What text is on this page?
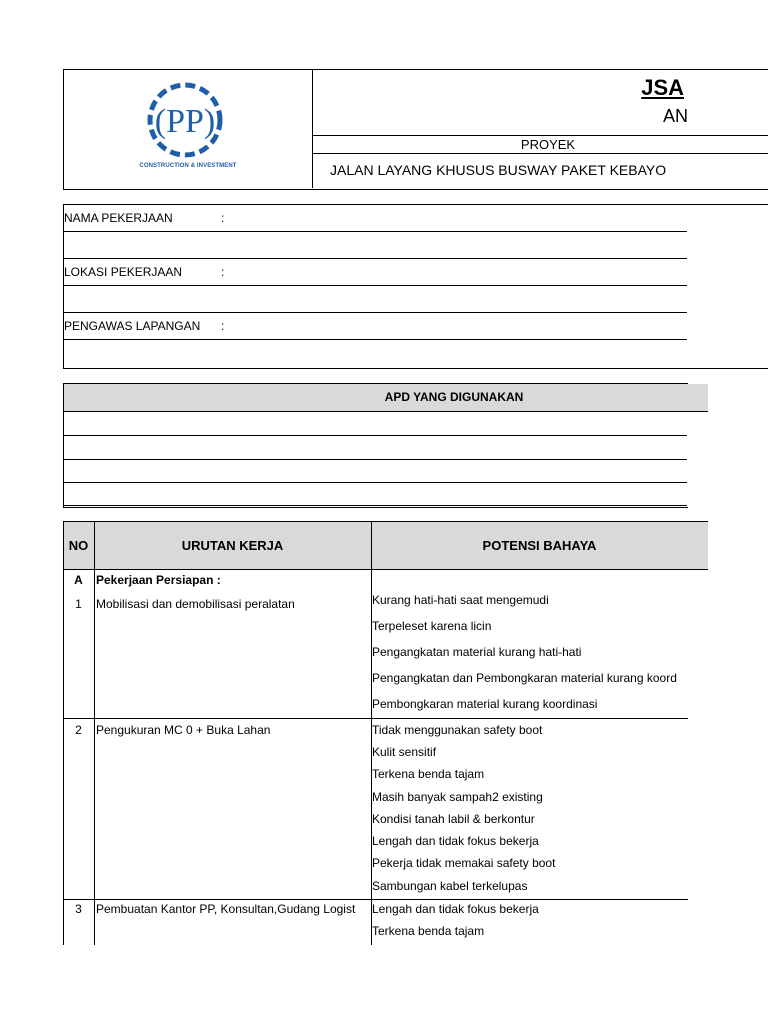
(PP)
CONSTRUCTION & INVESTMENT
JSA
AN
PROYEK
JALAN LAYANG KHUSUS BUSWAY PAKET KEBAYO
NAMA PEKERJAAN	:
LOKASI PEKERJAAN	:
PENGAWAS LAPANGAN :
APD YANG DIGUNAKAN
NO	URUTAN KERJA	POTENSI BAHAYA
A	Pekerjaan Persiapan :
1	Mobilisasi dan demobilisasi peralatan	Kurang hati-hati saat mengemudi
Terpeleset karena licin
Pengangkatan material kurang hati-hati
Pengangkatan dan Pembongkaran material kurang koord
Pembongkaran material kurang koordinasi
2	Pengukuran MC 0 + Buka Lahan	Tidak menggunakan safety boot
Kulit sensitif
Terkena benda tajam
Masih banyak sampah2 existing
Kondisi tanah labil & berkontur
Lengah dan tidak fokus bekerja
Pekerja tidak memakai safety boot
Sambungan kabel terkelupas
3	Pembuatan Kantor PP, Konsultan,Gudang Logist	Lengah dan tidak fokus bekerja
Terkena benda tajam
